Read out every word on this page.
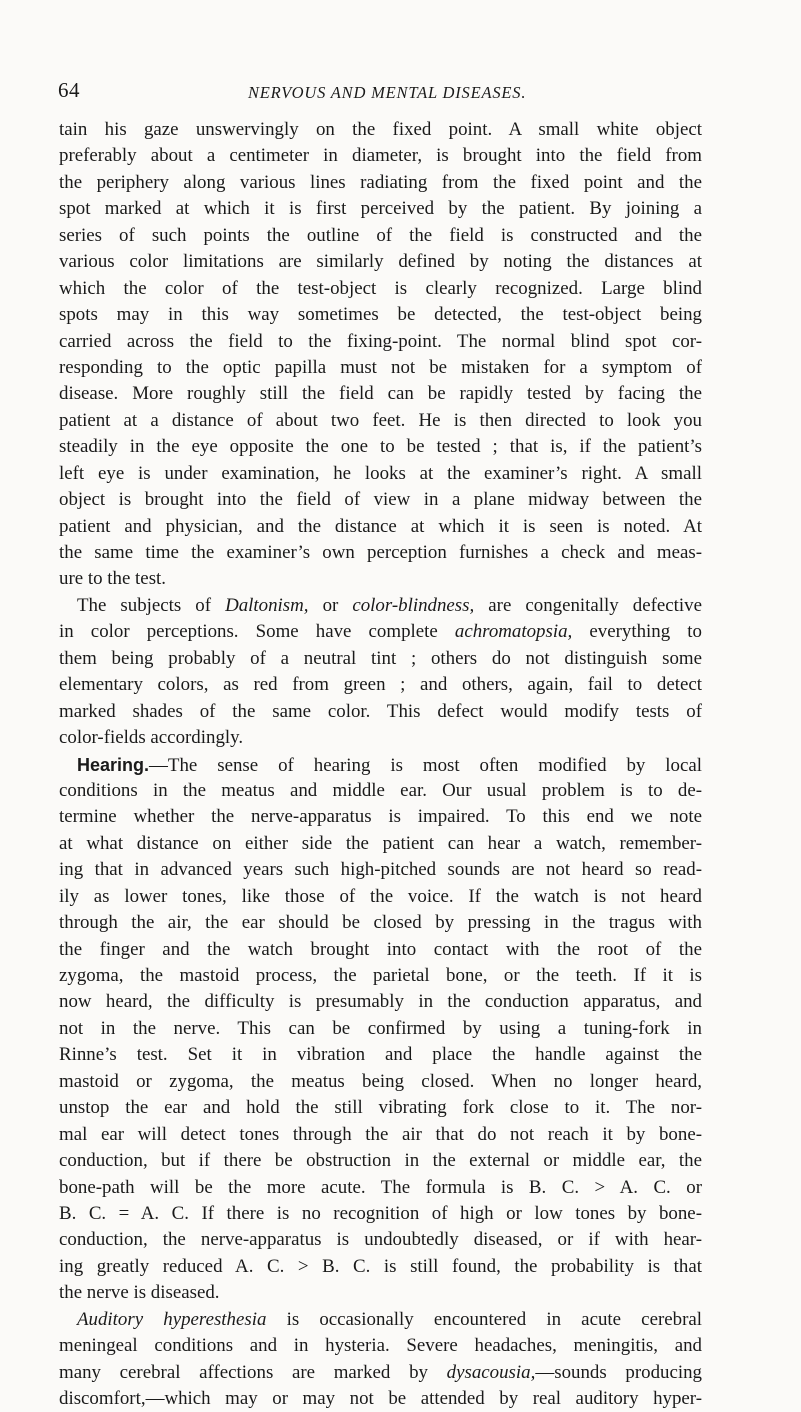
64	NERVOUS AND MENTAL DISEASES.
tain his gaze unswervingly on the fixed point. A small white object
preferably about a centimeter in diameter, is brought into the field from
the periphery along various lines radiating from the fixed point and the
spot marked at which it is first perceived by the patient. By joining a
series of such points the outline of the field is constructed and the
various color limitations are similarly defined by noting the distances at
which the color of the test-object is clearly recognized. Large blind
spots may in this way sometimes be detected, the test-object being
carried across the field to the fixing-point. The normal blind spot cor-
responding to the optic papilla must not be mistaken for a symptom of
disease. More roughly still the field can be rapidly tested by facing the
patient at a distance of about two feet. He is then directed to look you
steadily in the eye opposite the one to be tested ; that is, if the patient’s
left eye is under examination, he looks at the examiner’s right. A small
object is brought into the field of view in a plane midway between the
patient and physician, and the distance at which it is seen is noted. At
the same time the examiner’s own perception furnishes a check and meas-
ure to the test.
The subjects of Daltonism, or color-blindness, are congenitally defective
in color perceptions. Some have complete achromatopsia, everything to
them being probably of a neutral tint ; others do not distinguish some
elementary colors, as red from green ; and others, again, fail to detect
marked shades of the same color. This defect would modify tests of
color-fields accordingly.
Hearing.—The sense of hearing is most often modified by local
conditions in the meatus and middle ear. Our usual problem is to de-
termine whether the nerve-apparatus is impaired. To this end we note
at what distance on either side the patient can hear a watch, remember-
ing that in advanced years such high-pitched sounds are not heard so read-
ily as lower tones, like those of the voice. If the watch is not heard
through the air, the ear should be closed by pressing in the tragus with
the finger and the watch brought into contact with the root of the
zygoma, the mastoid process, the parietal bone, or the teeth. If it is
now heard, the difficulty is presumably in the conduction apparatus, and
not in the nerve. This can be confirmed by using a tuning-fork in
Rinne’s test. Set it in vibration and place the handle against the
mastoid or zygoma, the meatus being closed. When no longer heard,
unstop the ear and hold the still vibrating fork close to it. The nor-
mal ear will detect tones through the air that do not reach it by bone-
conduction, but if there be obstruction in the external or middle ear, the
bone-path will be the more acute. The formula is B. C. > A. C. or
B. C. = A. C. If there is no recognition of high or low tones by bone-
conduction, the nerve-apparatus is undoubtedly diseased, or if with hear-
ing greatly reduced A. C. > B. C. is still found, the probability is that
the nerve is diseased.
Auditory hyperesthesia is occasionally encountered in acute cerebral
meningeal conditions and in hysteria. Severe headaches, meningitis, and
many cerebral affections are marked by dysacousia,—sounds producing
discomfort,—which may or may not be attended by real auditory hyper-
